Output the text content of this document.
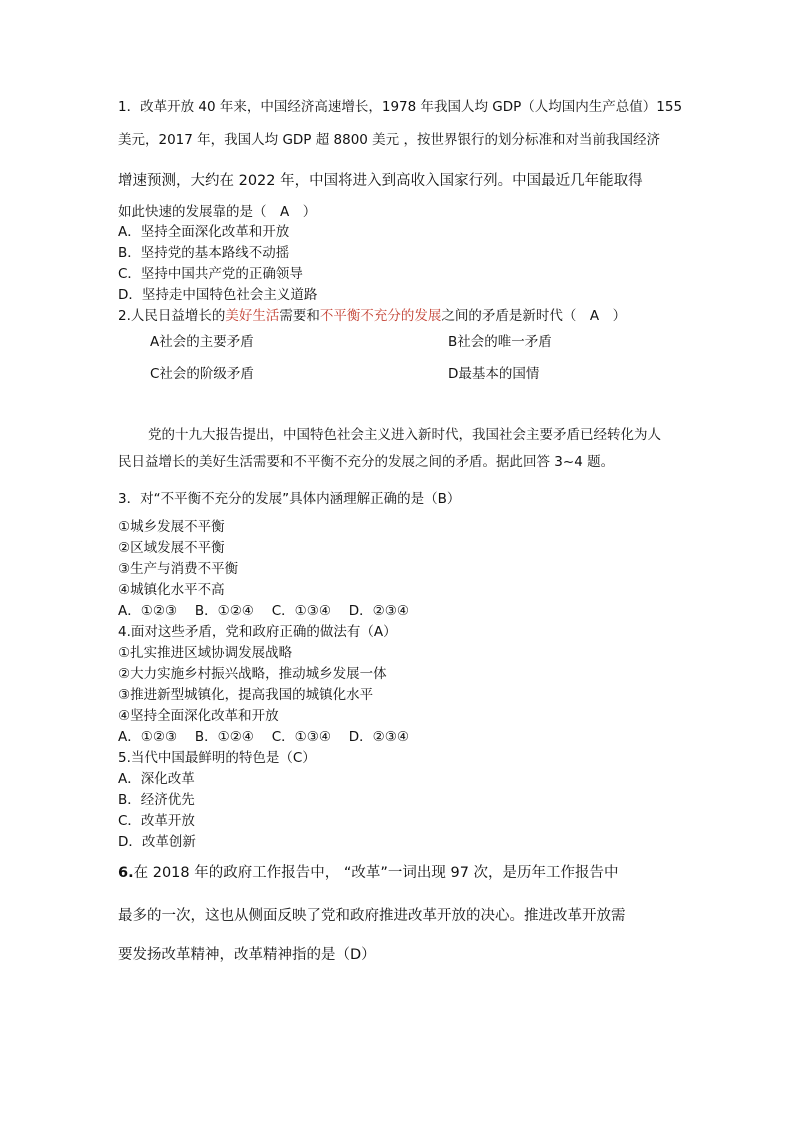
1．改革开放 40 年来，中国经济高速增长，1978 年我国人均 GDP（人均国内生产总值）155
美元，2017 年，我国人均 GDP 超 8800 美元 ，按世界银行的划分标准和对当前我国经济
增速预测，大约在 2022 年，中国将进入到高收入国家行列。中国最近几年能取得
如此快速的发展靠的是（　A　）
A．坚持全面深化改革和开放
B．坚持党的基本路线不动摇
C．坚持中国共产党的正确领导
D．坚持走中国特色社会主义道路
2.人民日益增长的美好生活需要和不平衡不充分的发展之间的矛盾是新时代（　A　）
A社会的主要矛盾	B社会的唯一矛盾
C社会的阶级矛盾	D最基本的国情
党的十九大报告提出，中国特色社会主义进入新时代，我国社会主要矛盾已经转化为人
民日益增长的美好生活需要和不平衡不充分的发展之间的矛盾。据此回答 3~4 题。
3．对“不平衡不充分的发展”具体内涵理解正确的是（B）
①城乡发展不平衡
②区域发展不平衡
③生产与消费不平衡
④城镇化水平不高
A．①②③　 B．①②④　 C．①③④　 D．②③④
4.面对这些矛盾，党和政府正确的做法有（A）
①扎实推进区域协调发展战略
②大力实施乡村振兴战略，推动城乡发展一体
③推进新型城镇化，提高我国的城镇化水平
④坚持全面深化改革和开放
A．①②③　 B．①②④　 C．①③④　 D．②③④
5.当代中国最鲜明的特色是（C）
A．深化改革
B．经济优先
C．改革开放
D．改革创新
6.在 2018 年的政府工作报告中， “改革”一词出现 97 次，是历年工作报告中
最多的一次，这也从侧面反映了党和政府推进改革开放的决心。推进改革开放需
要发扬改革精神，改革精神指的是（D）
